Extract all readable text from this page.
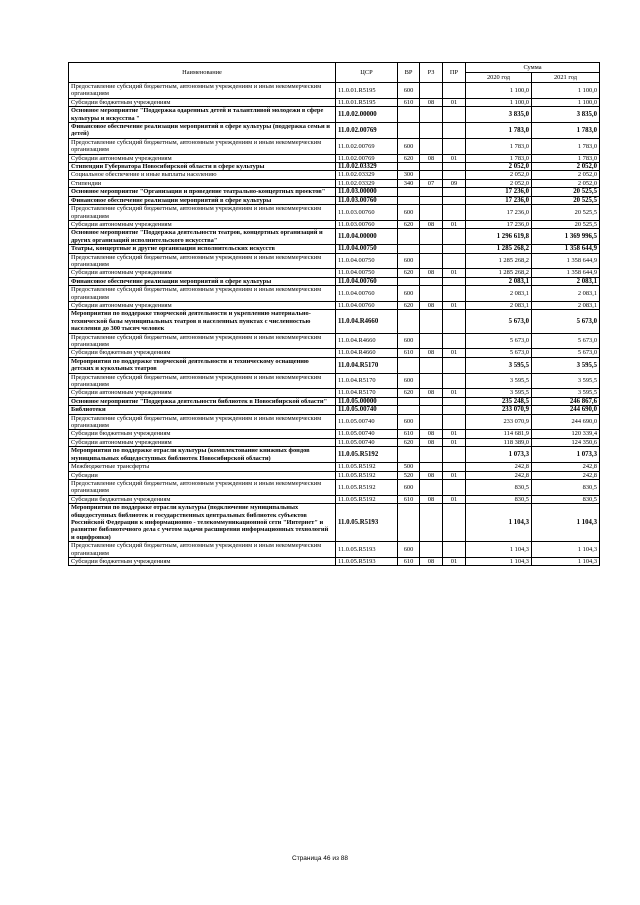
Наименование	ЦСР	ВР	РЗ	ПР	Сумма	
					2020 год	2021 год
Предоставление субсидий бюджетным, автономным учреждениям и иным некоммерческим организациям	11.0.01.R5195	600			1 100,0	1 100,0
Субсидии бюджетным учреждениям	11.0.01.R5195	610	08	01	1 100,0	1 100,0
Основное мероприятие "Поддержка одаренных детей и талантливой молодежи в сфере культуры и искусства "	11.0.02.00000				3 835,0	3 835,0
Финансовое обеспечение реализации мероприятий в сфере культуры (поддержка семьи и детей)	11.0.02.00769				1 783,0	1 783,0
Предоставление субсидий бюджетным, автономным учреждениям и иным некоммерческим организациям	11.0.02.00769	600			1 783,0	1 783,0
Субсидии автономным учреждениям	11.0.02.00769	620	08	01	1 783,0	1 783,0
Стипендии Губернатора Новосибирской области в сфере культуры	11.0.02.03329				2 052,0	2 052,0
Социальное обеспечение и иные выплаты населению	11.0.02.03329	300			2 052,0	2 052,0
Стипендии	11.0.02.03329	340	07	09	2 052,0	2 052,0
Основное мероприятие "Организация и проведение театрально-концертных проектов"	11.0.03.00000				17 236,0	20 525,5
Финансовое обеспечение реализации мероприятий в сфере культуры	11.0.03.00760				17 236,0	20 525,5
Предоставление субсидий бюджетным, автономным учреждениям и иным некоммерческим организациям	11.0.03.00760	600			17 236,0	20 525,5
Субсидии автономным учреждениям	11.0.03.00760	620	08	01	17 236,0	20 525,5
Основное мероприятие "Поддержка деятельности театров, концертных организаций и других организаций исполнительского искусства"	11.0.04.00000				1 296 619,8	1 369 996,5
Театры, концертные и другие организации исполнительских искусств	11.0.04.00750				1 285 268,2	1 358 644,9
Предоставление субсидий бюджетным, автономным учреждениям и иным некоммерческим организациям	11.0.04.00750	600			1 285 268,2	1 358 644,9
Субсидии автономным учреждениям	11.0.04.00750	620	08	01	1 285 268,2	1 358 644,9
Финансовое обеспечение реализации мероприятий в сфере культуры	11.0.04.00760				2 083,1	2 083,1
Предоставление субсидий бюджетным, автономным учреждениям и иным некоммерческим организациям	11.0.04.00760	600			2 083,1	2 083,1
Субсидии автономным учреждениям	11.0.04.00760	620	08	01	2 083,1	2 083,1
Мероприятия по поддержке творческой деятельности и укреплению материально-технической базы муниципальных театров в населенных пунктах с численностью населения до 300 тысяч человек	11.0.04.R4660				5 673,0	5 673,0
Предоставление субсидий бюджетным, автономным учреждениям и иным некоммерческим организациям	11.0.04.R4660	600			5 673,0	5 673,0
Субсидии бюджетным учреждениям	11.0.04.R4660	610	08	01	5 673,0	5 673,0
Мероприятия по поддержке творческой деятельности и техническому оснащению детских и кукольных театров	11.0.04.R5170				3 595,5	3 595,5
Предоставление субсидий бюджетным, автономным учреждениям и иным некоммерческим организациям	11.0.04.R5170	600			3 595,5	3 595,5
Субсидии автономным учреждениям	11.0.04.R5170	620	08	01	3 595,5	3 595,5
Основное мероприятие "Поддержка деятельности библиотек в Новосибирской области"	11.0.05.00000				235 248,5	246 867,6
Библиотеки	11.0.05.00740				233 070,9	244 690,0
Предоставление субсидий бюджетным, автономным учреждениям и иным некоммерческим организациям	11.0.05.00740	600			233 070,9	244 690,0
Субсидии бюджетным учреждениям	11.0.05.00740	610	08	01	114 681,9	120 339,4
Субсидии автономным учреждениям	11.0.05.00740	620	08	01	118 389,0	124 350,6
Мероприятия по поддержке отрасли культуры (комплектование книжных фондов муниципальных общедоступных библиотек Новосибирской области)	11.0.05.R5192				1 073,3	1 073,3
Межбюджетные трансферты	11.0.05.R5192	500			242,8	242,8
Субсидии	11.0.05.R5192	520	08	01	242,8	242,8
Предоставление субсидий бюджетным, автономным учреждениям и иным некоммерческим организациям	11.0.05.R5192	600			830,5	830,5
Субсидии бюджетным учреждениям	11.0.05.R5192	610	08	01	830,5	830,5
Мероприятия по поддержке отрасли культуры (подключение муниципальных общедоступных библиотек и государственных центральных библиотек субъектов Российской Федерации к информационно - телекоммуникационной сети "Интернет" и развитие библиотечного дела с учетом задачи расширения информационных технологий и оцифровки)	11.0.05.R5193				1 104,3	1 104,3
Предоставление субсидий бюджетным, автономным учреждениям и иным некоммерческим организациям	11.0.05.R5193	600			1 104,3	1 104,3
Субсидии бюджетным учреждениям	11.0.05.R5193	610	08	01	1 104,3	1 104,3
Страница 46 из 88
